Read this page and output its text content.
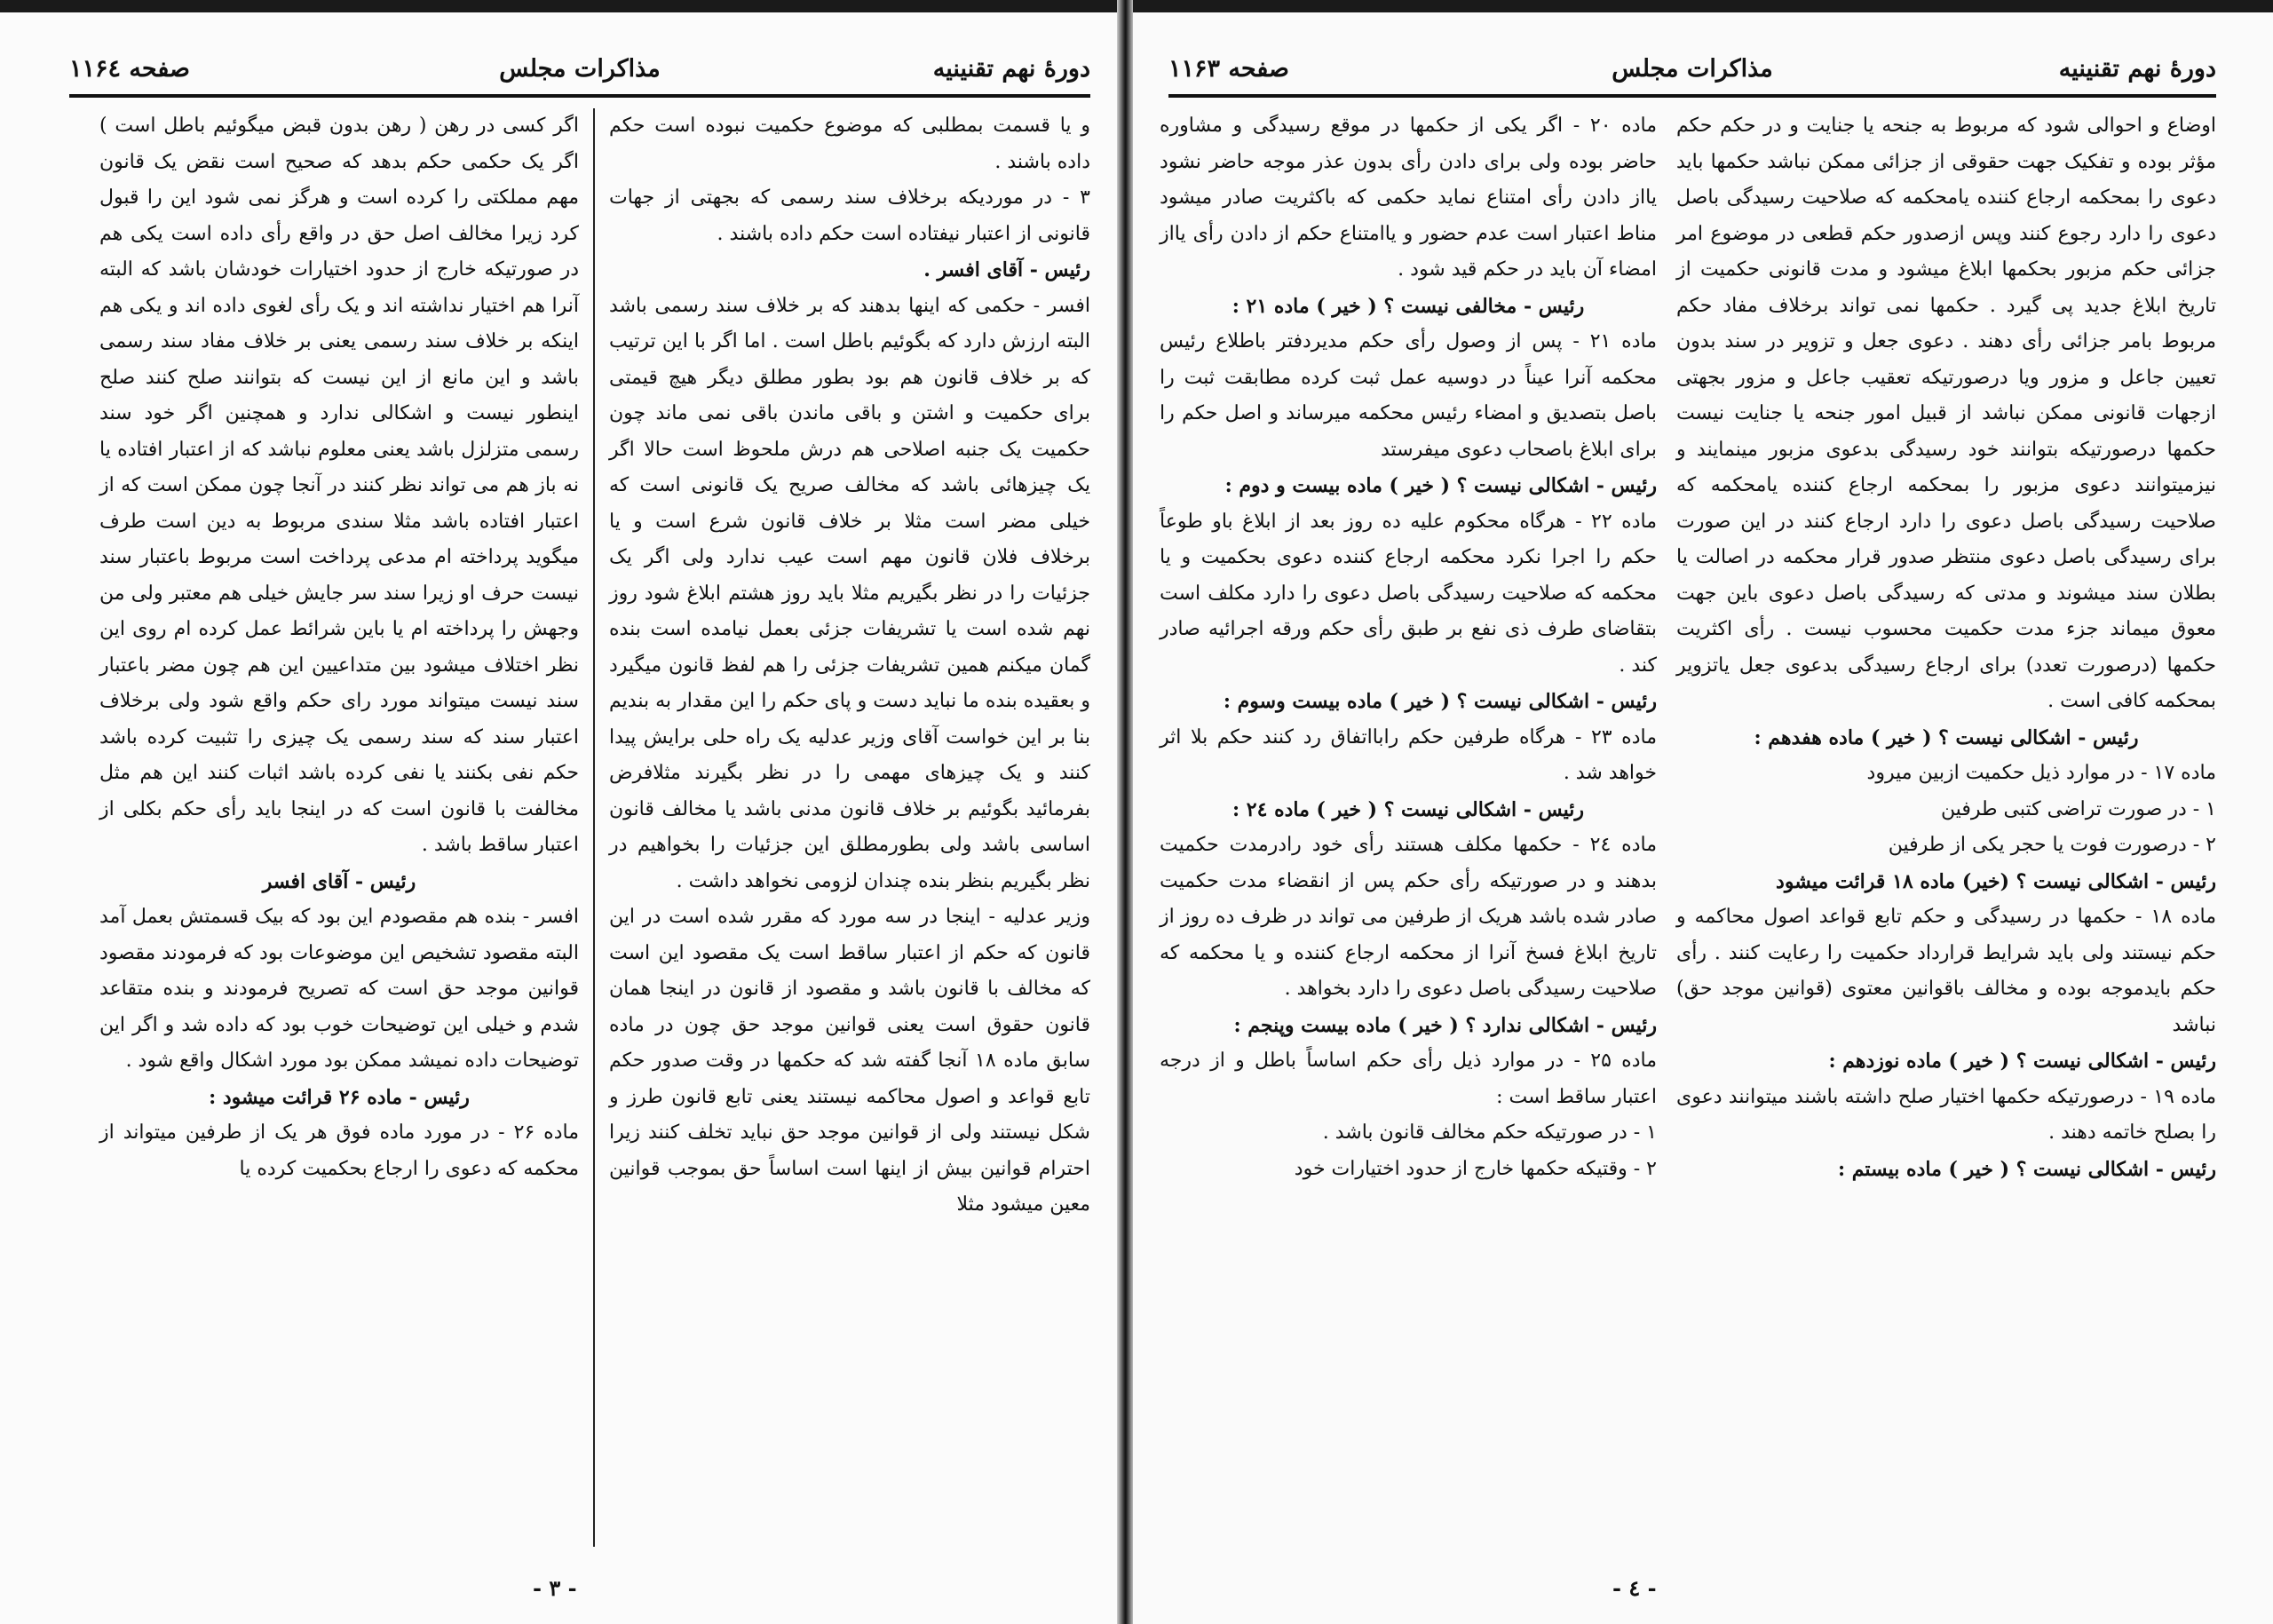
دورهٔ نهم تقنینیه
مذاکرات مجلس
صفحه ۱۱۶٤

و یا قسمت بمطلبی که موضوع حکمیت نبوده است حکم داده باشند .

۳ - در موردیکه برخلاف سند رسمی که بجهتی از جهات قانونی از اعتبار نیفتاده است حکم داده باشند .

رئیس - آقای افسر .

افسر - حکمی که اینها بدهند که بر خلاف سند رسمی باشد البته ارزش دارد که بگوئیم باطل است . اما اگر با این ترتیب که بر خلاف قانون هم بود بطور مطلق دیگر هیچ قیمتی برای حکمیت و اشتن و باقی ماندن باقی نمی ماند چون حکمیت یک جنبه اصلاحی هم درش ملحوظ است حالا اگر یک چیزهائی باشد که مخالف صریح یک قانونی است که خیلی مضر است مثلا بر خلاف قانون شرع است و یا برخلاف فلان قانون مهم است عیب ندارد ولی اگر یک جزئیات را در نظر بگیریم مثلا باید روز هشتم ابلاغ شود روز نهم شده است یا تشریفات جزئی بعمل نیامده است بنده گمان میکنم همین تشریفات جزئی را هم لفظ قانون میگیرد و بعقیده بنده ما نباید دست و پای حکم را این مقدار به بندیم بنا بر این خواست آقای وزیر عدلیه یک راه حلی برایش پیدا کنند و یک چیزهای مهمی را در نظر بگیرند مثلافرض بفرمائید بگوئیم بر خلاف قانون مدنی باشد یا مخالف قانون اساسی باشد ولی بطورمطلق این جزئیات را بخواهیم در نظر بگیریم بنظر بنده چندان لزومی نخواهد داشت .

وزیر عدلیه - اینجا در سه مورد که مقرر شده است در این قانون که حکم از اعتبار ساقط است یک مقصود این است که مخالف با قانون باشد و مقصود از قانون در اینجا همان قانون حقوق است یعنی قوانین موجد حق چون در ماده سابق ماده ۱۸ آنجا گفته شد که حکمها در وقت صدور حکم تابع قواعد و اصول محاکمه نیستند یعنی تابع قانون طرز و شکل نیستند ولی از قوانین موجد حق نباید تخلف کنند زیرا احترام قوانین بیش از اینها است اساساً حق بموجب قوانین معین میشود مثلا

اگر کسی در رهن ( رهن بدون قبض میگوئیم باطل است ) اگر یک حکمی حکم بدهد که صحیح است نقض یک قانون مهم مملکتی را کرده است و هرگز نمی شود این را قبول کرد زیرا مخالف اصل حق در واقع رأی داده است یکی هم در صورتیکه خارج از حدود اختیارات خودشان باشد که البته آنرا هم اختیار نداشته اند و یک رأی لغوی داده اند و یکی هم اینکه بر خلاف سند رسمی یعنی بر خلاف مفاد سند رسمی باشد و این مانع از این نیست که بتوانند صلح کنند صلح اینطور نیست و اشکالی ندارد و همچنین اگر خود سند رسمی متزلزل باشد یعنی معلوم نباشد که از اعتبار افتاده یا نه باز هم می تواند نظر کنند در آنجا چون ممکن است که از اعتبار افتاده باشد مثلا سندی مربوط به دین است طرف میگوید پرداخته ام مدعی پرداخت است مربوط باعتبار سند نیست حرف او زیرا سند سر جایش خیلی هم معتبر ولی من وجهش را پرداخته ام یا باین شرائط عمل کرده ام روی این نظر اختلاف میشود بین متداعیین این هم چون مضر باعتبار سند نیست میتواند مورد رای حکم واقع شود ولی برخلاف اعتبار سند که سند رسمی یک چیزی را تثبیت کرده باشد حکم نفی بکنند یا نفی کرده باشد اثبات کنند این هم مثل مخالفت با قانون است که در اینجا باید رأی حکم بکلی از اعتبار ساقط باشد .

رئیس - آقای افسر

افسر - بنده هم مقصودم این بود که بیک قسمتش بعمل آمد البته مقصود تشخیص این موضوعات بود که فرمودند مقصود قوانین موجد حق است که تصریح فرمودند و بنده متقاعد شدم و خیلی این توضیحات خوب بود که داده شد و اگر این توضیحات داده نمیشد ممکن بود مورد اشکال واقع شود .

رئیس - ماده ۲۶ قرائت میشود :

ماده ۲۶ - در مورد ماده فوق هر یک از طرفین میتواند از محکمه که دعوی را ارجاع بحکمیت کرده یا

- ۳ -
دورهٔ نهم تقنینیه
مذاکرات مجلس
صفحه ۱۱۶۳

اوضاع و احوالی شود که مربوط به جنحه یا جنایت و در حکم حکم مؤثر بوده و تفکیک جهت حقوقی از جزائی ممکن نباشد حکمها باید دعوی را بمحکمه ارجاع کننده یامحکمه که صلاحیت رسیدگی باصل دعوی را دارد رجوع کنند وپس ازصدور حکم قطعی در موضوع امر جزائی حکم مزبور بحکمها ابلاغ میشود و مدت قانونی حکمیت از تاریخ ابلاغ جدید پی گیرد . حکمها نمی تواند برخلاف مفاد حکم مربوط بامر جزائی رأی دهند . دعوی جعل و تزویر در سند بدون تعیین جاعل و مزور ویا درصورتیکه تعقیب جاعل و مزور بجهتی ازجهات قانونی ممکن نباشد از قبیل امور جنحه یا جنایت نیست حکمها درصورتیکه بتوانند خود رسیدگی بدعوی مزبور مینمایند و نیزمیتوانند دعوی مزبور را بمحکمه ارجاع کننده یامحکمه که صلاحیت رسیدگی باصل دعوی را دارد ارجاع کنند در این صورت برای رسیدگی باصل دعوی منتظر صدور قرار محکمه در اصالت یا بطلان سند میشوند و مدتی که رسیدگی باصل دعوی باین جهت معوق میماند جزء مدت حکمیت محسوب نیست . رأی اکثریت حکمها (درصورت تعدد) برای ارجاع رسیدگی بدعوی جعل یاتزویر بمحکمه کافی است .

رئیس - اشکالی نیست ؟ ( خیر ) ماده هفدهم :

ماده ۱۷ - در موارد ذیل حکمیت ازبین میرود

۱ - در صورت تراضی کتبی طرفین

۲ - درصورت فوت یا حجر یکی از طرفین

رئیس - اشکالی نیست ؟ (خیر) ماده ۱۸ قرائت میشود

ماده ۱۸ - حکمها در رسیدگی و حکم تابع قواعد اصول محاکمه و حکم نیستند ولی باید شرایط قرارداد حکمیت را رعایت کنند . رأی حکم بایدموجه بوده و مخالف باقوانین معتوی (قوانین موجد حق) نباشد

رئیس - اشکالی نیست ؟ ( خیر ) ماده نوزدهم :

ماده ۱۹ - درصورتیکه حکمها اختیار صلح داشته باشند میتوانند دعوی را بصلح خاتمه دهند .

رئیس - اشکالی نیست ؟ ( خیر ) ماده بیستم :

ماده ۲۰ - اگر یکی از حکمها در موقع رسیدگی و مشاوره حاضر بوده ولی برای دادن رأی بدون عذر موجه حاضر نشود یااز دادن رأی امتناع نماید حکمی که باکثریت صادر میشود مناط اعتبار است عدم حضور و یاامتناع حکم از دادن رأی یااز امضاء آن باید در حکم قید شود .

رئیس - مخالفی نیست ؟ ( خیر ) ماده ۲۱ :

ماده ۲۱ - پس از وصول رأی حکم مدیردفتر باطلاع رئیس محکمه آنرا عیناً در دوسیه عمل ثبت کرده مطابقت ثبت را باصل بتصدیق و امضاء رئیس محکمه میرساند و اصل حکم را برای ابلاغ باصحاب دعوی میفرستد

رئیس - اشکالی نیست ؟ ( خیر ) ماده بیست و دوم :

ماده ۲۲ - هرگاه محکوم علیه ده روز بعد از ابلاغ باو طوعاً حکم را اجرا نکرد محکمه ارجاع کننده دعوی بحکمیت و یا محکمه که صلاحیت رسیدگی باصل دعوی را دارد مکلف است بتقاضای طرف ذی نفع بر طبق رأی حکم ورقه اجرائیه صادر کند .

رئیس - اشکالی نیست ؟ ( خیر ) ماده بیست وسوم :

ماده ۲۳ - هرگاه طرفین حکم رابااتفاق رد کنند حکم بلا اثر خواهد شد .

رئیس - اشکالی نیست ؟ ( خیر ) ماده ۲٤ :

ماده ۲٤ - حکمها مکلف هستند رأی خود رادرمدت حکمیت بدهند و در صورتیکه رأی حکم پس از انقضاء مدت حکمیت صادر شده باشد هریک از طرفین می تواند در ظرف ده روز از تاریخ ابلاغ فسخ آنرا از محکمه ارجاع کننده و یا محکمه که صلاحیت رسیدگی باصل دعوی را دارد بخواهد .

رئیس - اشکالی ندارد ؟ ( خیر ) ماده بیست وپنجم :

ماده ۲۵ - در موارد ذیل رأی حکم اساساً باطل و از درجه اعتبار ساقط است :

۱ - در صورتیکه حکم مخالف قانون باشد .

۲ - وقتیکه حکمها خارج از حدود اختیارات خود

- ٤ -
